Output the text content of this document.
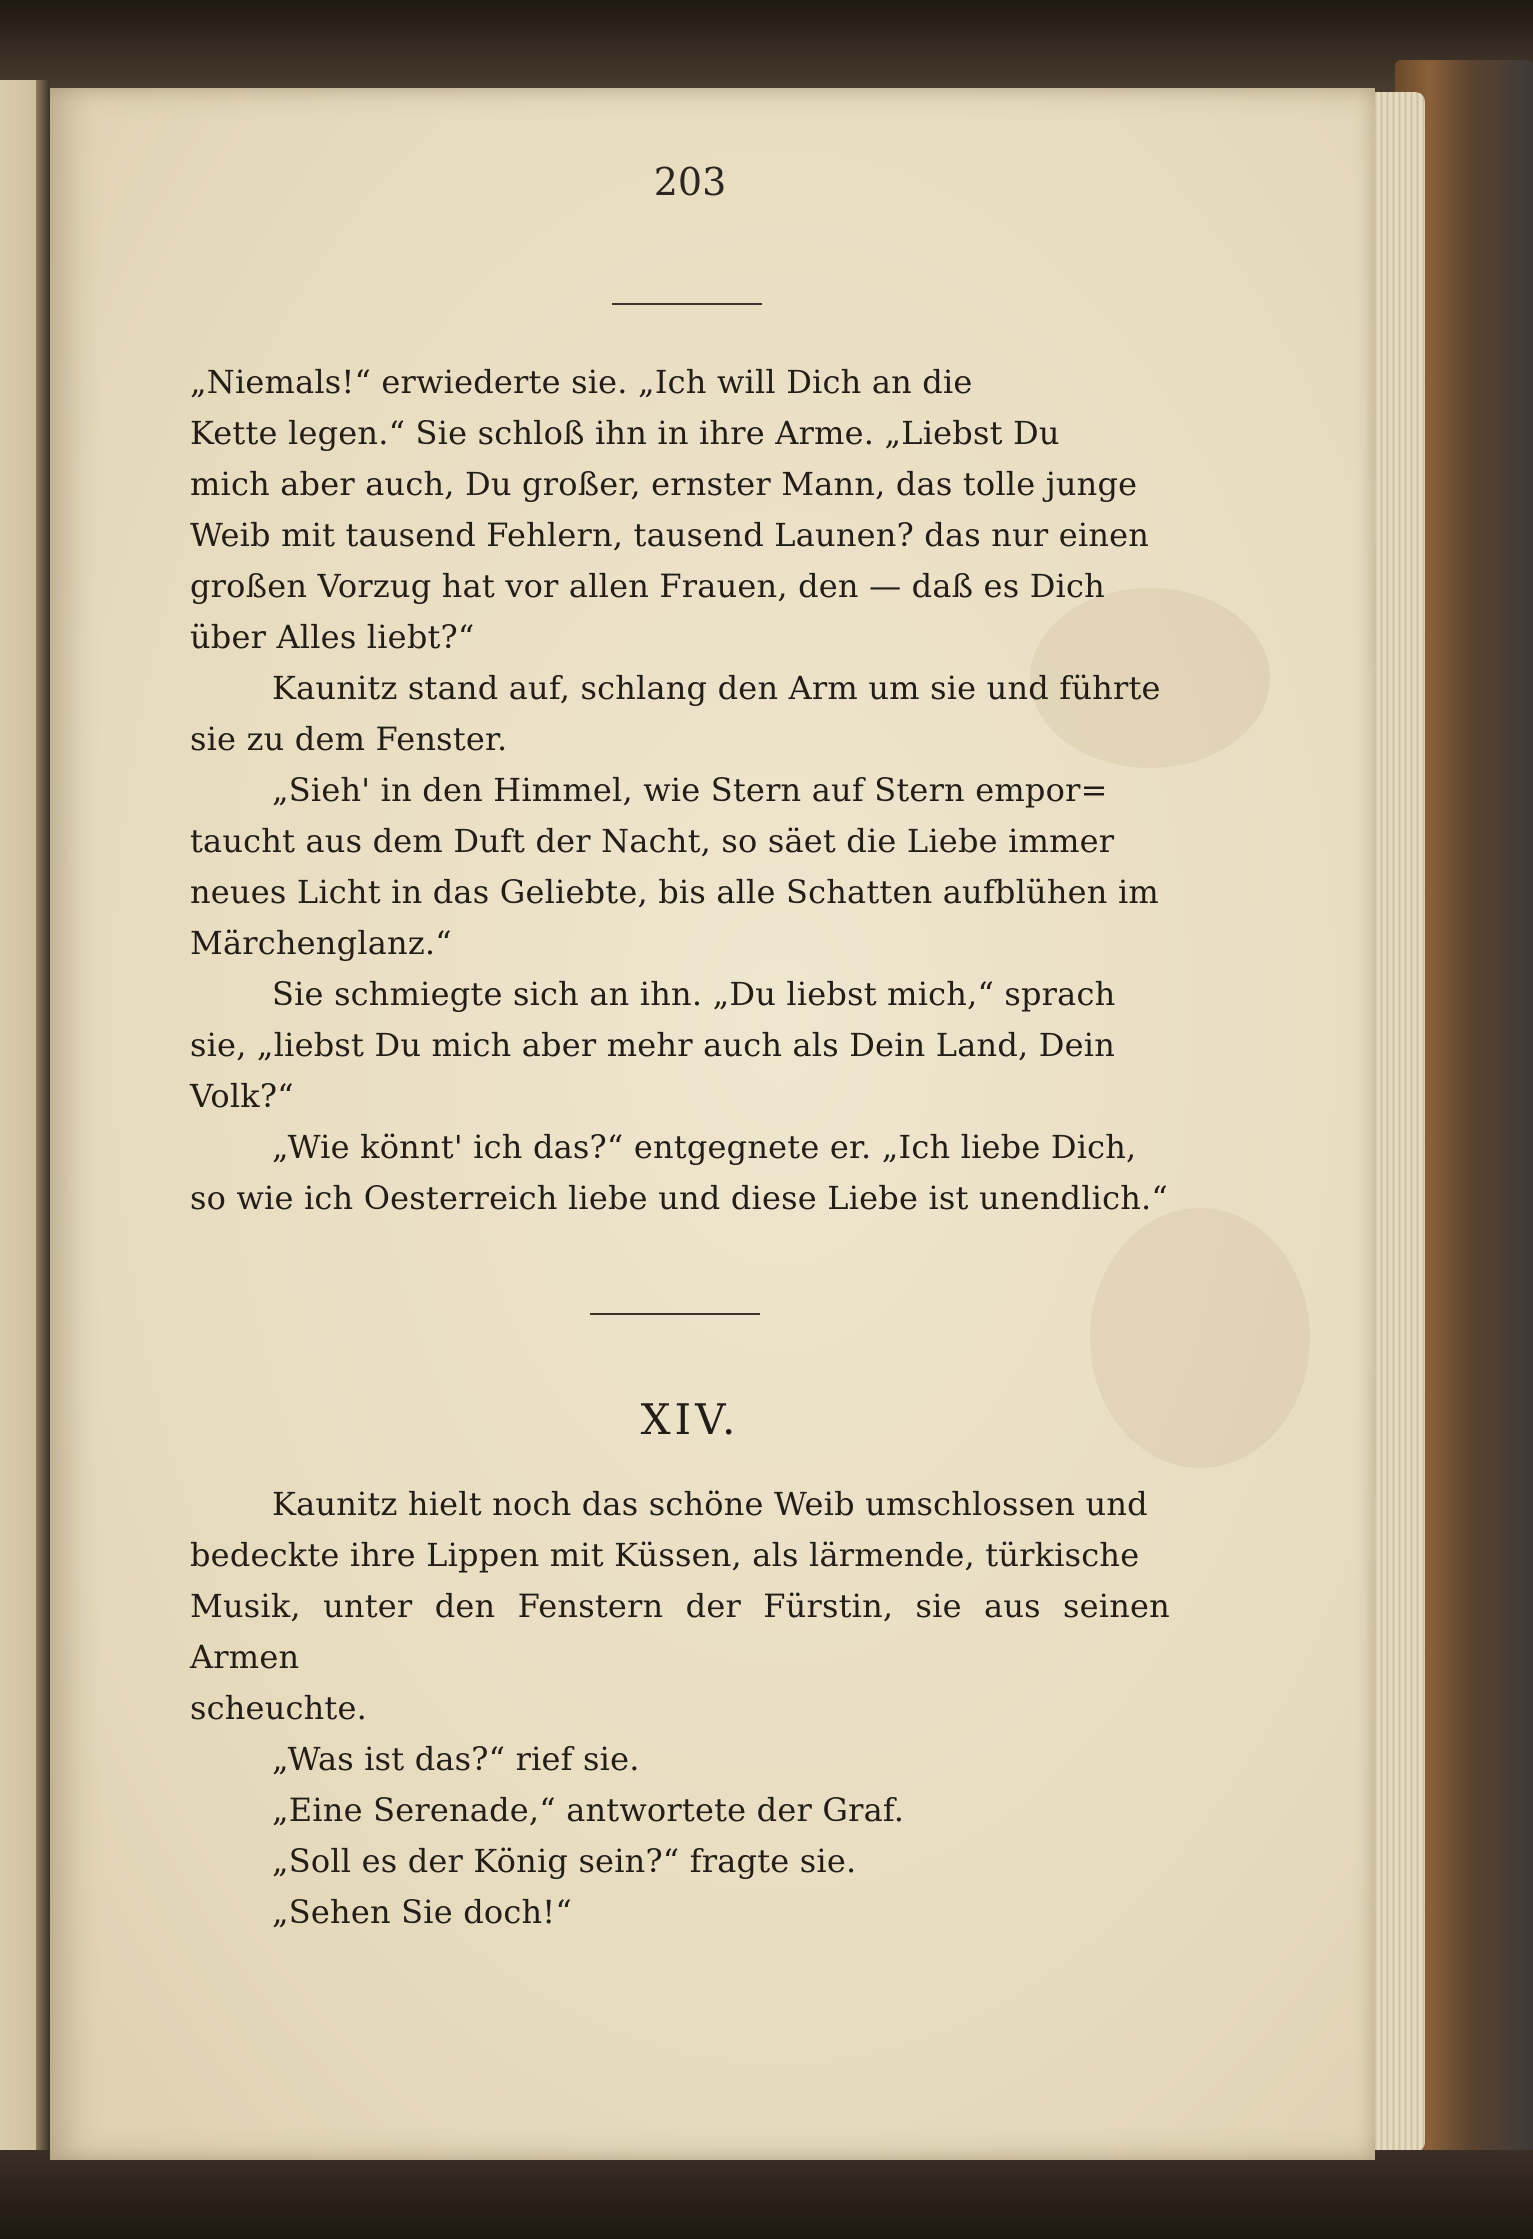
203

„Niemals!“ erwiederte sie. „Ich will Dich an die
Kette legen.“ Sie schloß ihn in ihre Arme. „Liebst Du
mich aber auch, Du großer, ernster Mann, das tolle junge
Weib mit tausend Fehlern, tausend Launen? das nur einen
großen Vorzug hat vor allen Frauen, den — daß es Dich
über Alles liebt?“

Kaunitz stand auf, schlang den Arm um sie und führte
sie zu dem Fenster.

„Sieh' in den Himmel, wie Stern auf Stern empor=
taucht aus dem Duft der Nacht, so säet die Liebe immer
neues Licht in das Geliebte, bis alle Schatten aufblühen im
Märchenglanz.“

Sie schmiegte sich an ihn. „Du liebst mich,“ sprach
sie, „liebst Du mich aber mehr auch als Dein Land, Dein
Volk?“

„Wie könnt' ich das?“ entgegnete er. „Ich liebe Dich,
so wie ich Oesterreich liebe und diese Liebe ist unendlich.“

XIV.

Kaunitz hielt noch das schöne Weib umschlossen und
bedeckte ihre Lippen mit Küssen, als lärmende, türkische
Musik, unter den Fenstern der Fürstin, sie aus seinen Armen
scheuchte.

„Was ist das?“ rief sie.

„Eine Serenade,“ antwortete der Graf.

„Soll es der König sein?“ fragte sie.

„Sehen Sie doch!“
